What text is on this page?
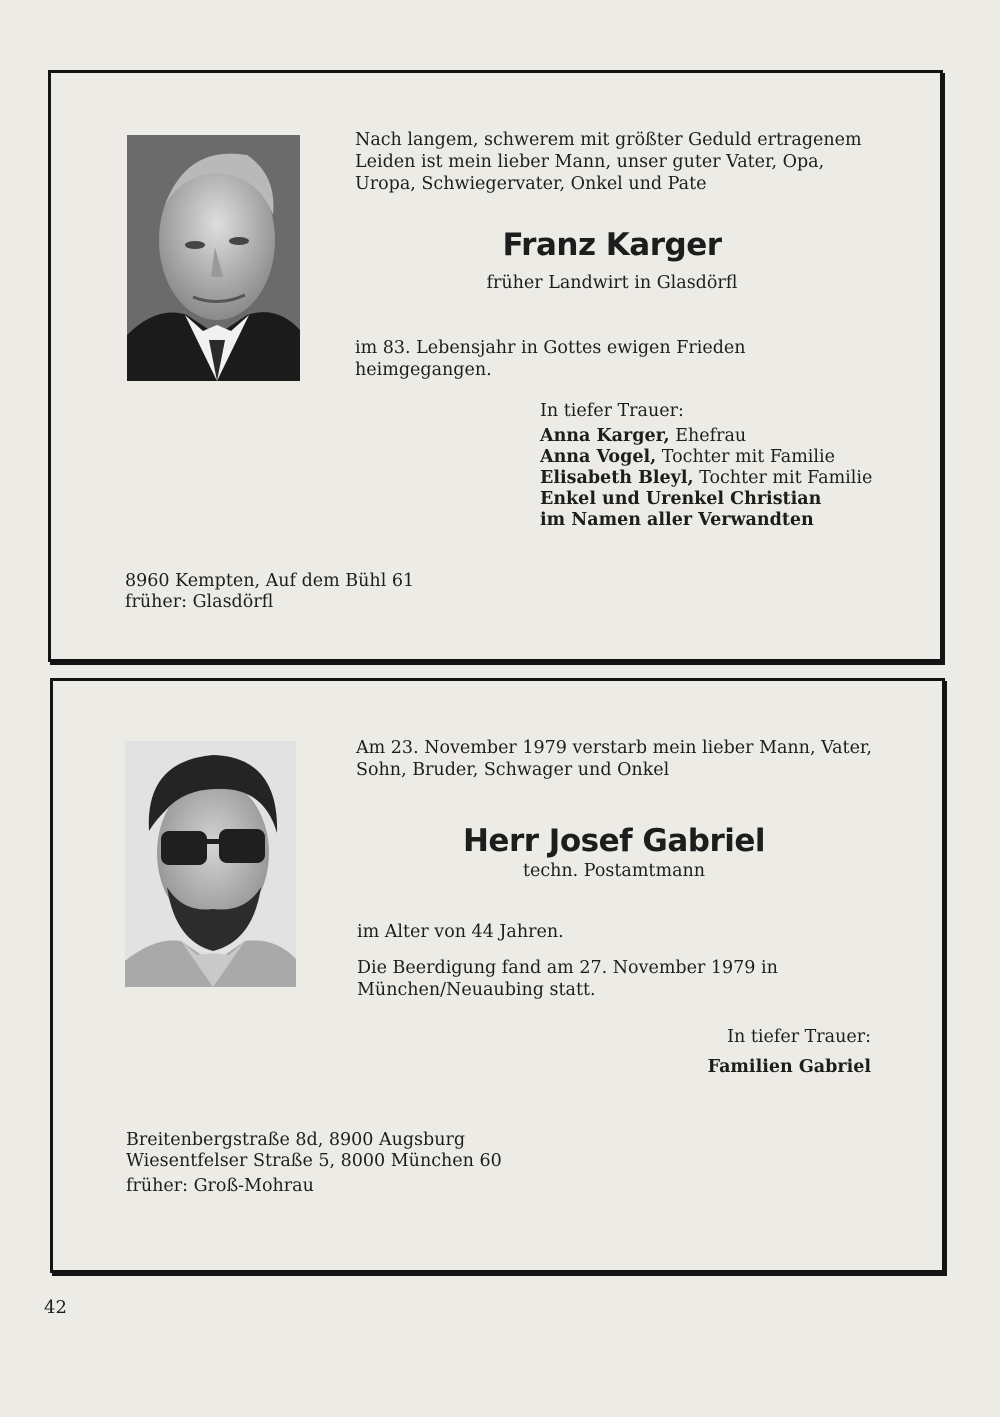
Nach langem, schwerem mit größter Geduld ertragenem Leiden ist mein lieber Mann, unser guter Vater, Opa, Uropa, Schwiegervater, Onkel und Pate

Franz Karger

früher Landwirt in Glasdörfl

im 83. Lebensjahr in Gottes ewigen Frieden heimgegangen.

In tiefer Trauer:
Anna Karger, Ehefrau
Anna Vogel, Tochter mit Familie
Elisabeth Bleyl, Tochter mit Familie
Enkel und Urenkel Christian
im Namen aller Verwandten
8960 Kempten, Auf dem Bühl 61
früher: Glasdörfl

Am 23. November 1979 verstarb mein lieber Mann, Vater, Sohn, Bruder, Schwager und Onkel

Herr Josef Gabriel

techn. Postamtmann

im Alter von 44 Jahren.

Die Beerdigung fand am 27. November 1979 in München/Neuaubing statt.

In tiefer Trauer:
Familien Gabriel
Breitenbergstraße 8d, 8900 Augsburg
Wiesentfelser Straße 5, 8000 München 60
früher: Groß-Mohrau
42
